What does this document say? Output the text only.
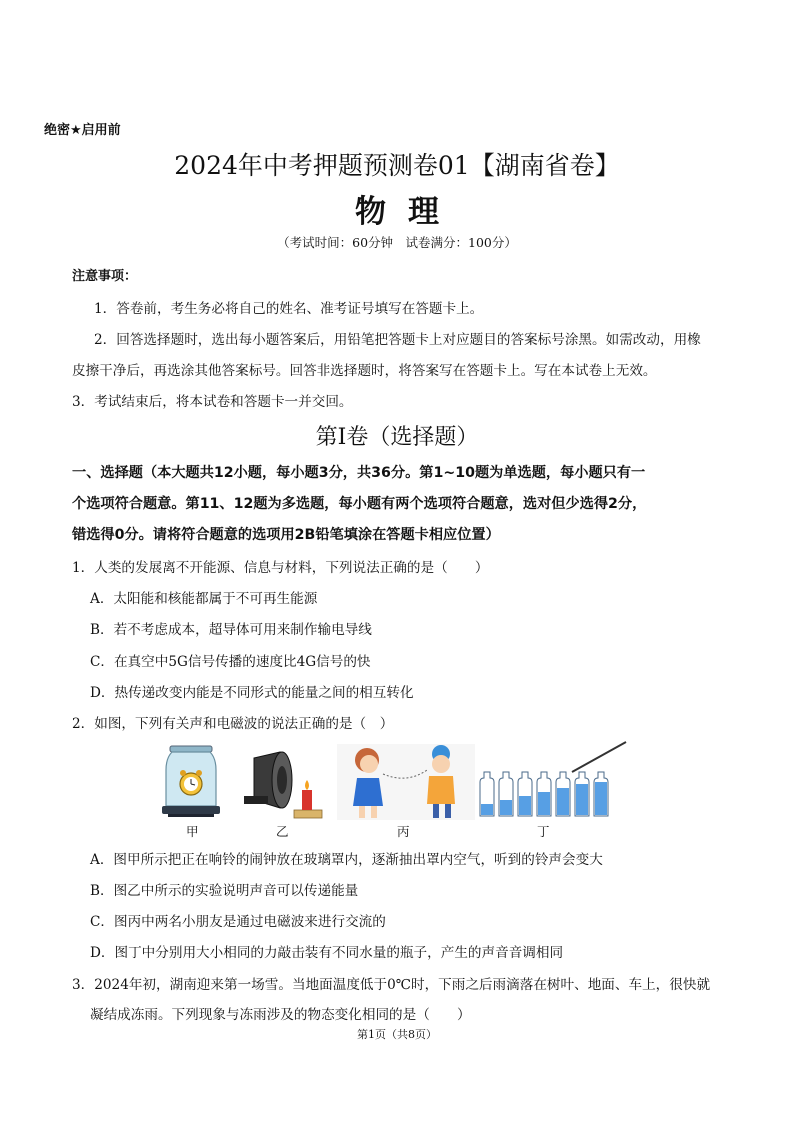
绝密★启用前
2024年中考押题预测卷01【湖南省卷】
物理
（考试时间：60分钟　试卷满分：100分）
注意事项：
1．答卷前，考生务必将自己的姓名、准考证号填写在答题卡上。
2．回答选择题时，选出每小题答案后，用铅笔把答题卡上对应题目的答案标号涂黑。如需改动，用橡
皮擦干净后，再选涂其他答案标号。回答非选择题时，将答案写在答题卡上。写在本试卷上无效。
3．考试结束后，将本试卷和答题卡一并交回。
第Ⅰ卷（选择题）
一、选择题（本大题共12小题，每小题3分，共36分。第1~10题为单选题，每小题只有一
个选项符合题意。第11、12题为多选题，每小题有两个选项符合题意，选对但少选得2分，
错选得0分。请将符合题意的选项用2B铅笔填涂在答题卡相应位置）
1．人类的发展离不开能源、信息与材料，下列说法正确的是（　　）
A．太阳能和核能都属于不可再生能源
B．若不考虑成本，超导体可用来制作输电导线
C．在真空中5G信号传播的速度比4G信号的快
D．热传递改变内能是不同形式的能量之间的相互转化
2．如图，下列有关声和电磁波的说法正确的是（　）
甲	乙	丙	丁
A．图甲所示把正在响铃的闹钟放在玻璃罩内，逐渐抽出罩内空气，听到的铃声会变大
B．图乙中所示的实验说明声音可以传递能量
C．图丙中两名小朋友是通过电磁波来进行交流的
D．图丁中分别用大小相同的力敲击装有不同水量的瓶子，产生的声音音调相同
3．2024年初，湖南迎来第一场雪。当地面温度低于0℃时，下雨之后雨滴落在树叶、地面、车上，很快就
凝结成冻雨。下列现象与冻雨涉及的物态变化相同的是（　　）
第1页（共8页）
